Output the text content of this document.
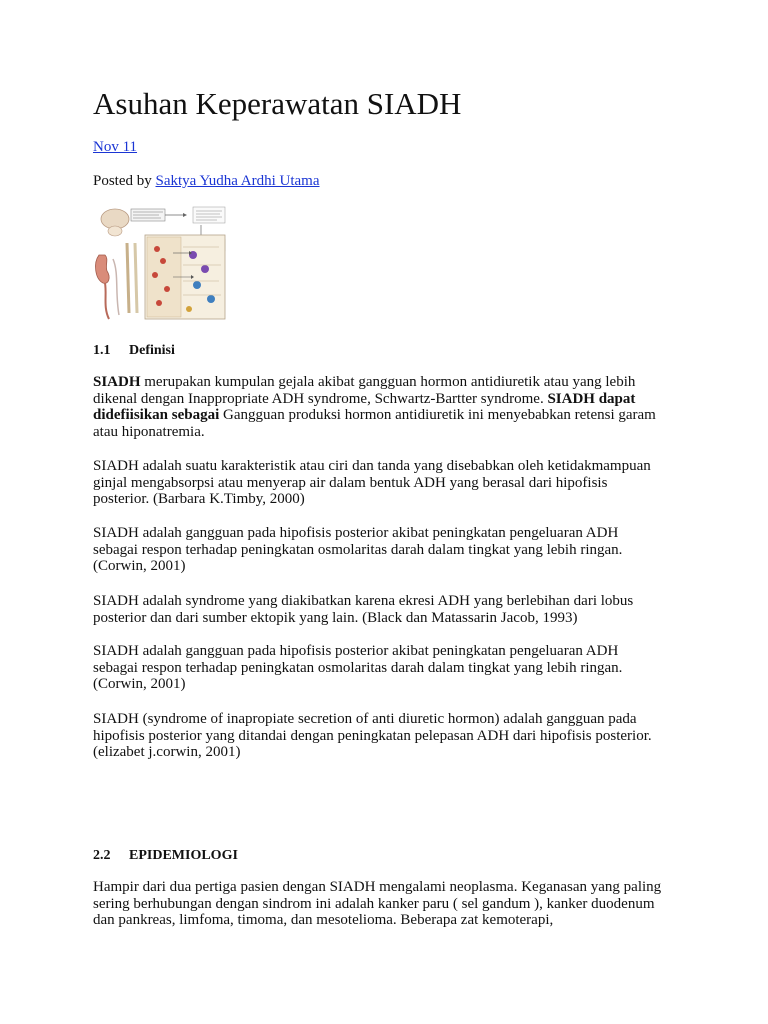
Asuhan Keperawatan SIADH
Nov 11
Posted by Saktya Yudha Ardhi Utama
1.1 Definisi

SIADH merupakan kumpulan gejala akibat gangguan hormon antidiuretik atau yang lebih dikenal dengan Inappropriate ADH syndrome, Schwartz-Bartter syndrome. SIADH dapat didefiisikan sebagai Gangguan produksi hormon antidiuretik ini menyebabkan retensi garam atau hiponatremia.

SIADH adalah suatu karakteristik atau ciri dan tanda yang disebabkan oleh ketidakmampuan ginjal mengabsorpsi atau menyerap air dalam bentuk ADH yang berasal dari hipofisis posterior. (Barbara K.Timby, 2000)

SIADH adalah gangguan pada hipofisis posterior akibat peningkatan pengeluaran ADH sebagai respon terhadap peningkatan osmolaritas darah dalam tingkat yang lebih ringan. (Corwin, 2001)

SIADH adalah syndrome yang diakibatkan karena ekresi ADH yang berlebihan dari lobus posterior dan dari sumber ektopik yang lain. (Black dan Matassarin Jacob, 1993)

SIADH adalah gangguan pada hipofisis posterior akibat peningkatan pengeluaran ADH sebagai respon terhadap peningkatan osmolaritas darah dalam tingkat yang lebih ringan. (Corwin, 2001)

SIADH (syndrome of inapropiate secretion of anti diuretic hormon) adalah gangguan pada hipofisis posterior yang ditandai dengan peningkatan pelepasan ADH dari hipofisis posterior.(elizabet j.corwin, 2001)

2.2 EPIDEMIOLOGI

Hampir dari dua pertiga pasien dengan SIADH mengalami neoplasma. Keganasan yang paling sering berhubungan dengan sindrom ini adalah kanker paru ( sel gandum ), kanker duodenum dan pankreas, limfoma, timoma, dan mesotelioma. Beberapa zat kemoterapi,
